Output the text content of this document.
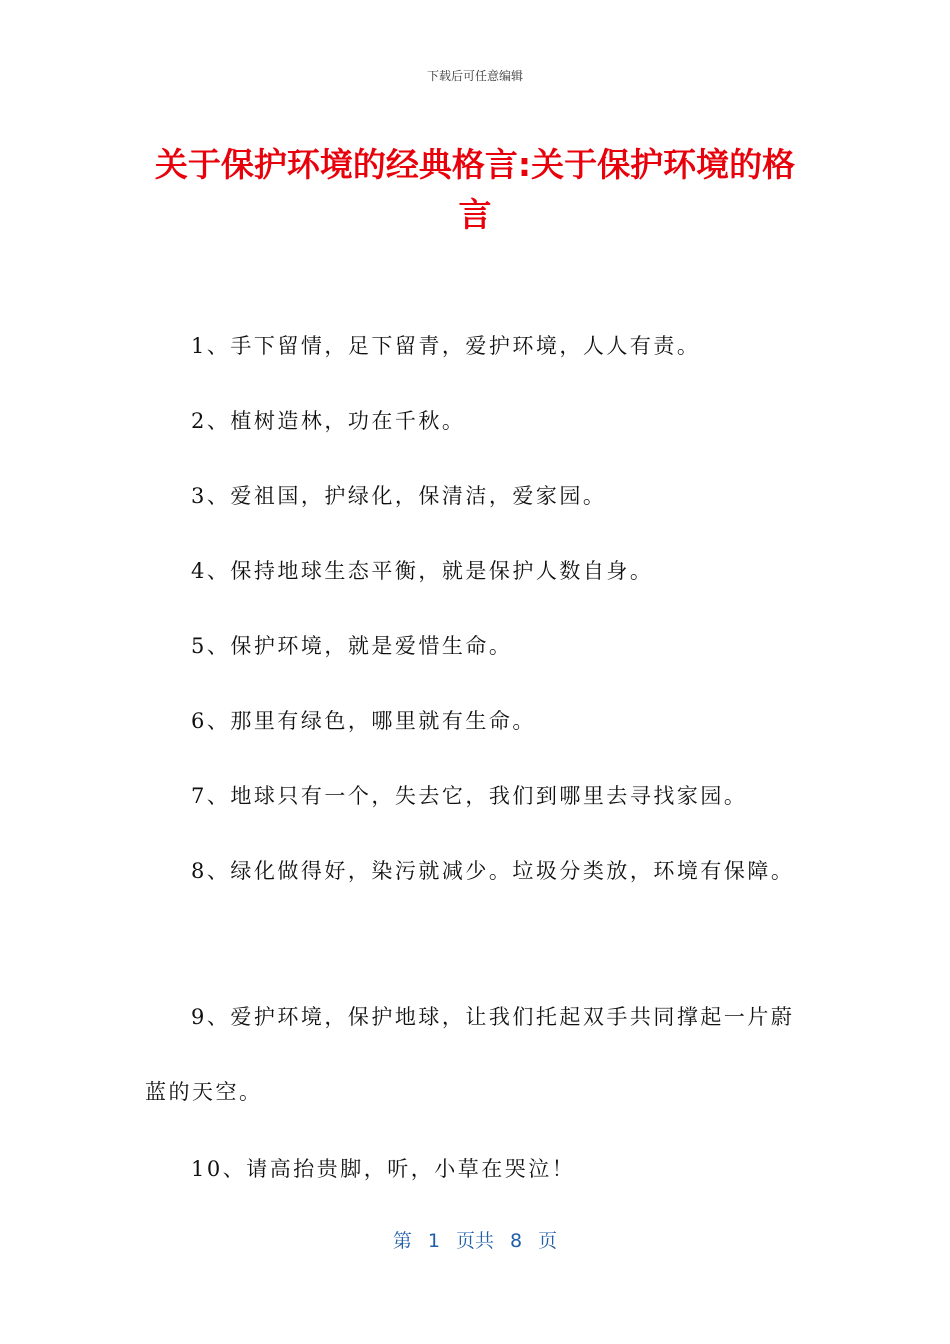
下载后可任意编辑
关于保护环境的经典格言:关于保护环境的格言

1、手下留情，足下留青，爱护环境，人人有责。

2、植树造林，功在千秋。

3、爱祖国，护绿化，保清洁，爱家园。

4、保持地球生态平衡，就是保护人数自身。

5、保护环境，就是爱惜生命。

6、那里有绿色，哪里就有生命。

7、地球只有一个，失去它，我们到哪里去寻找家园。

8、绿化做得好，染污就减少。垃圾分类放，环境有保障。

9、爱护环境，保护地球，让我们托起双手共同撑起一片蔚蓝的天空。

10、请高抬贵脚，听，小草在哭泣！

第 1 页共 8 页
